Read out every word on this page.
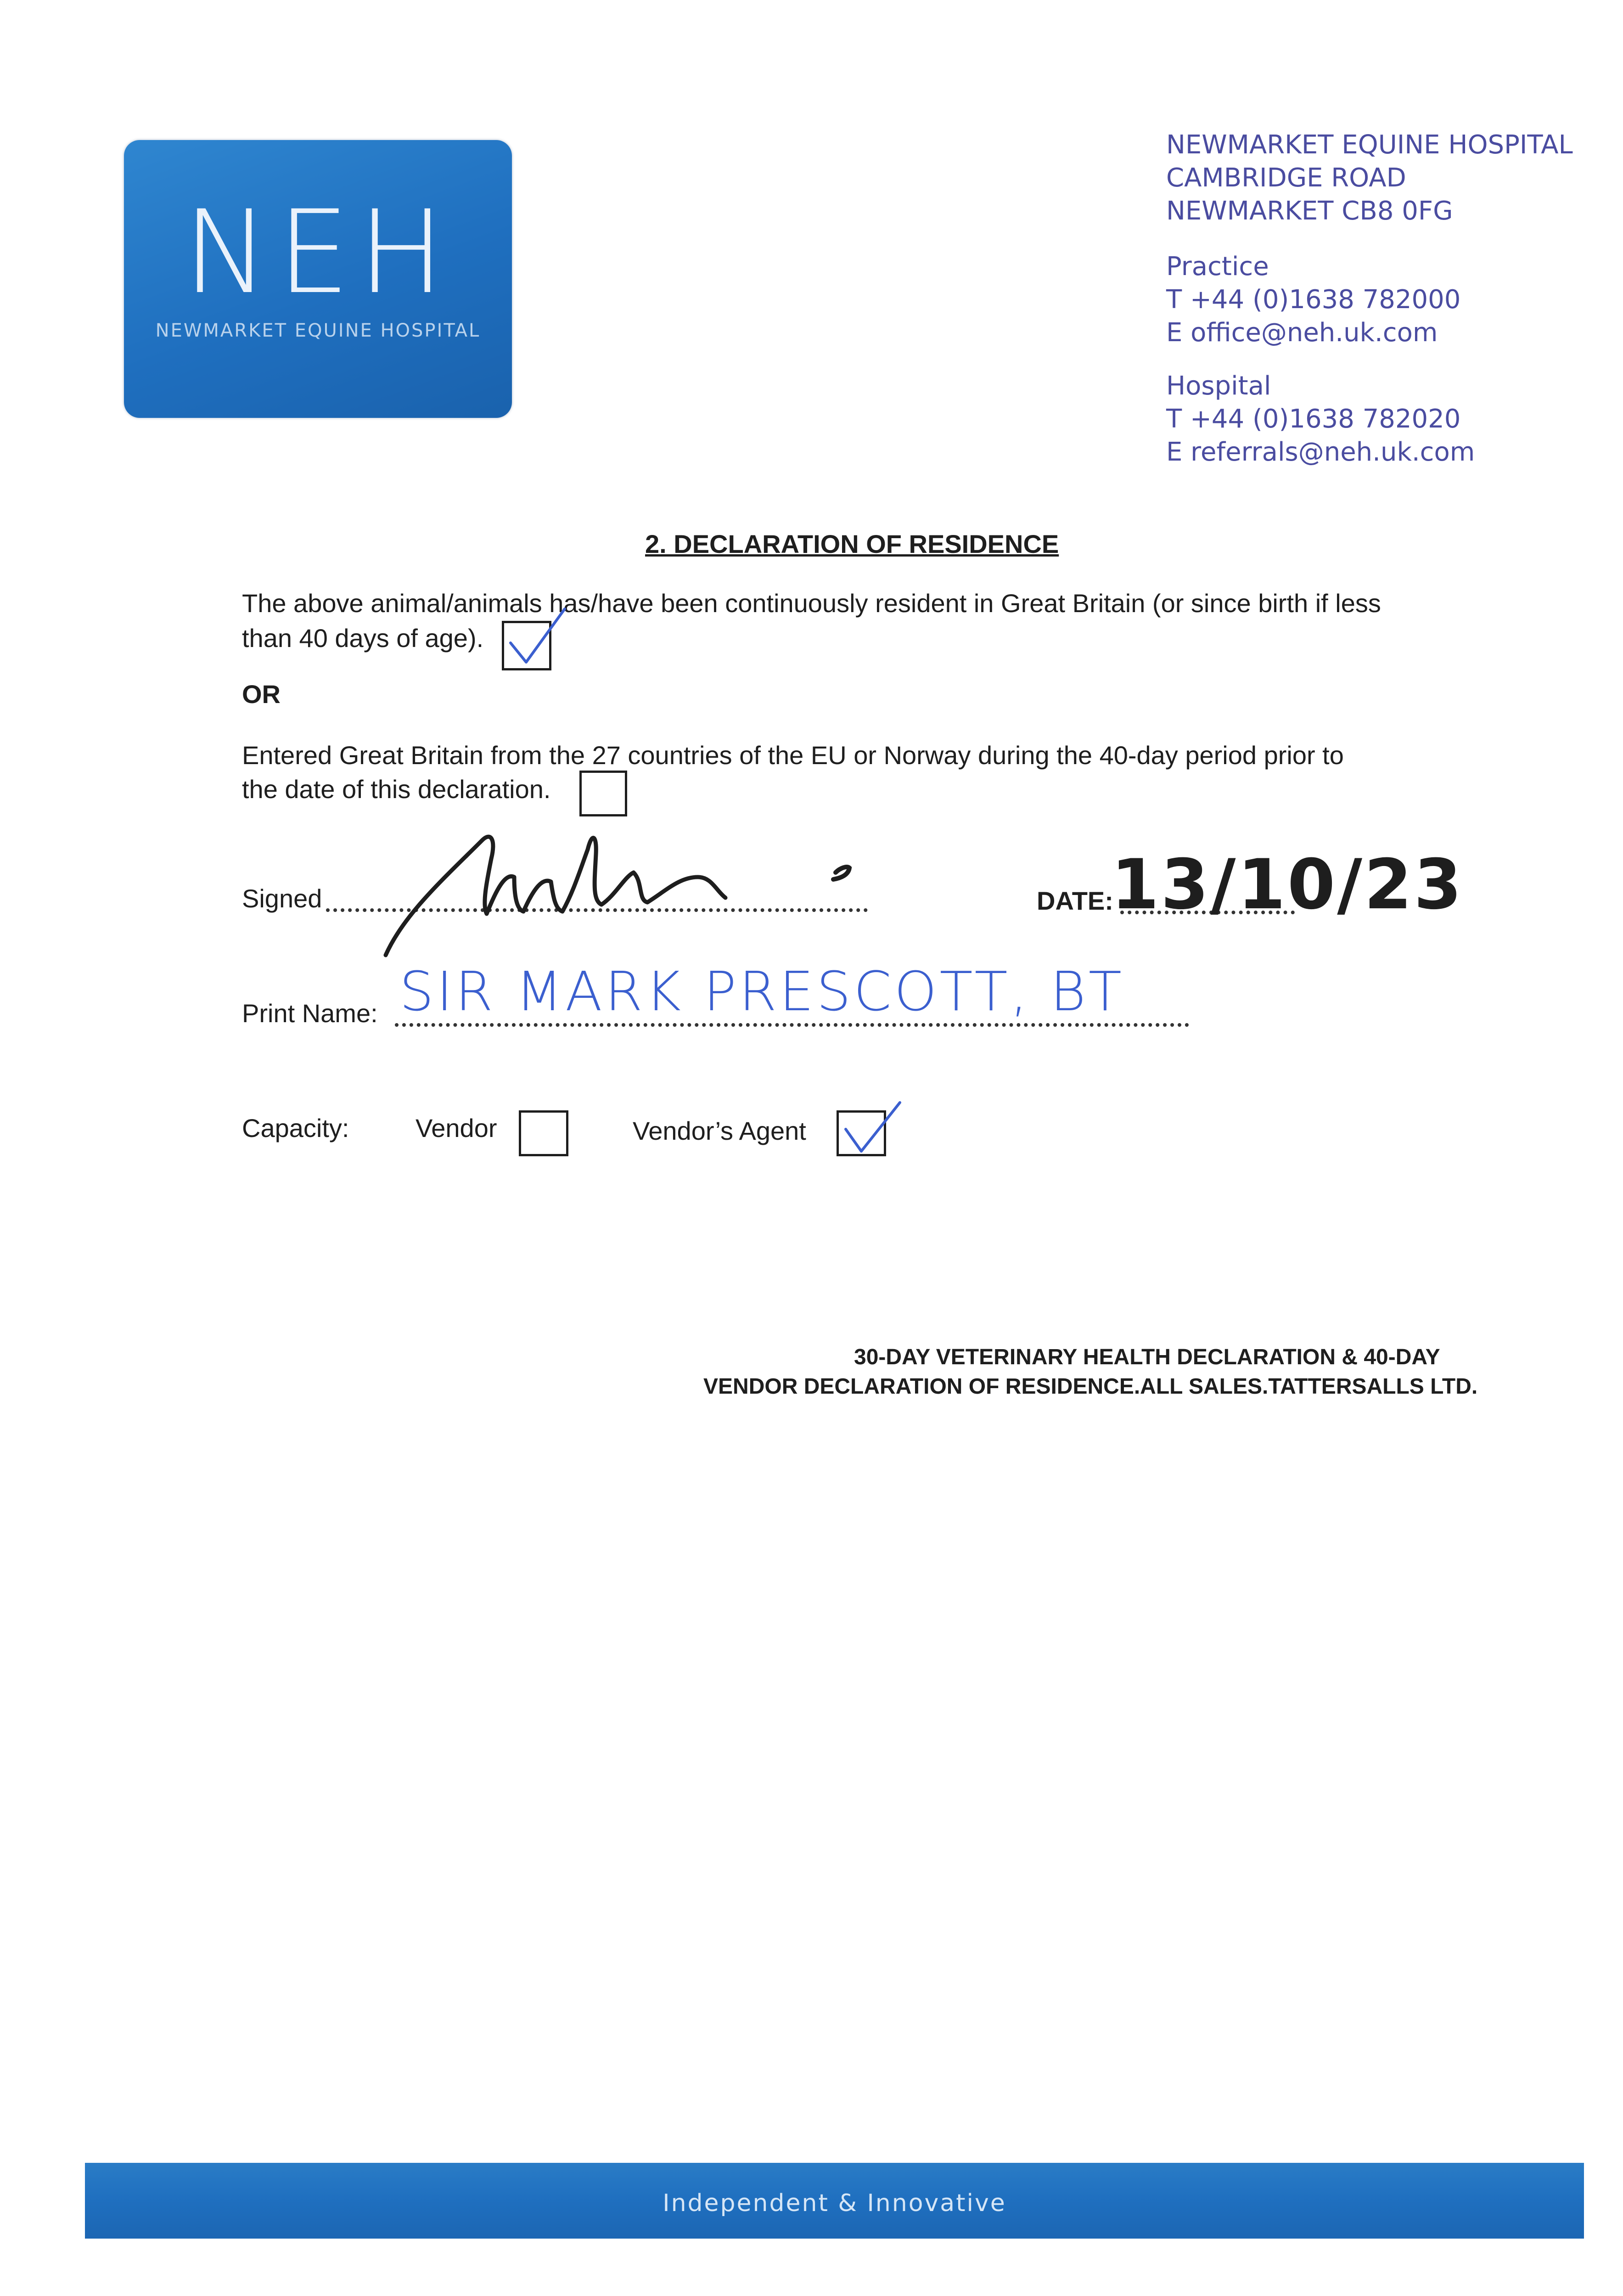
NEH
NEWMARKET EQUINE HOSPITAL
NEWMARKET EQUINE HOSPITAL
CAMBRIDGE ROAD
NEWMARKET CB8 0FG
Practice
T +44 (0)1638 782000
E office@neh.uk.com
Hospital
T +44 (0)1638 782020
E referrals@neh.uk.com
2. DECLARATION OF RESIDENCE
The above animal/animals has/have been continuously resident in Great Britain (or since birth if less
than 40 days of age).
OR
Entered Great Britain from the 27 countries of the EU or Norway during the 40-day period prior to
the date of this declaration.
Signed	DATE:
13/10/23
Print Name: SIR MARK PRESCOTT, BT
Capacity:	Vendor	Vendor’s Agent
30-DAY VETERINARY HEALTH DECLARATION & 40-DAY
VENDOR DECLARATION OF RESIDENCE.ALL SALES.TATTERSALLS LTD.
Independent & Innovative
